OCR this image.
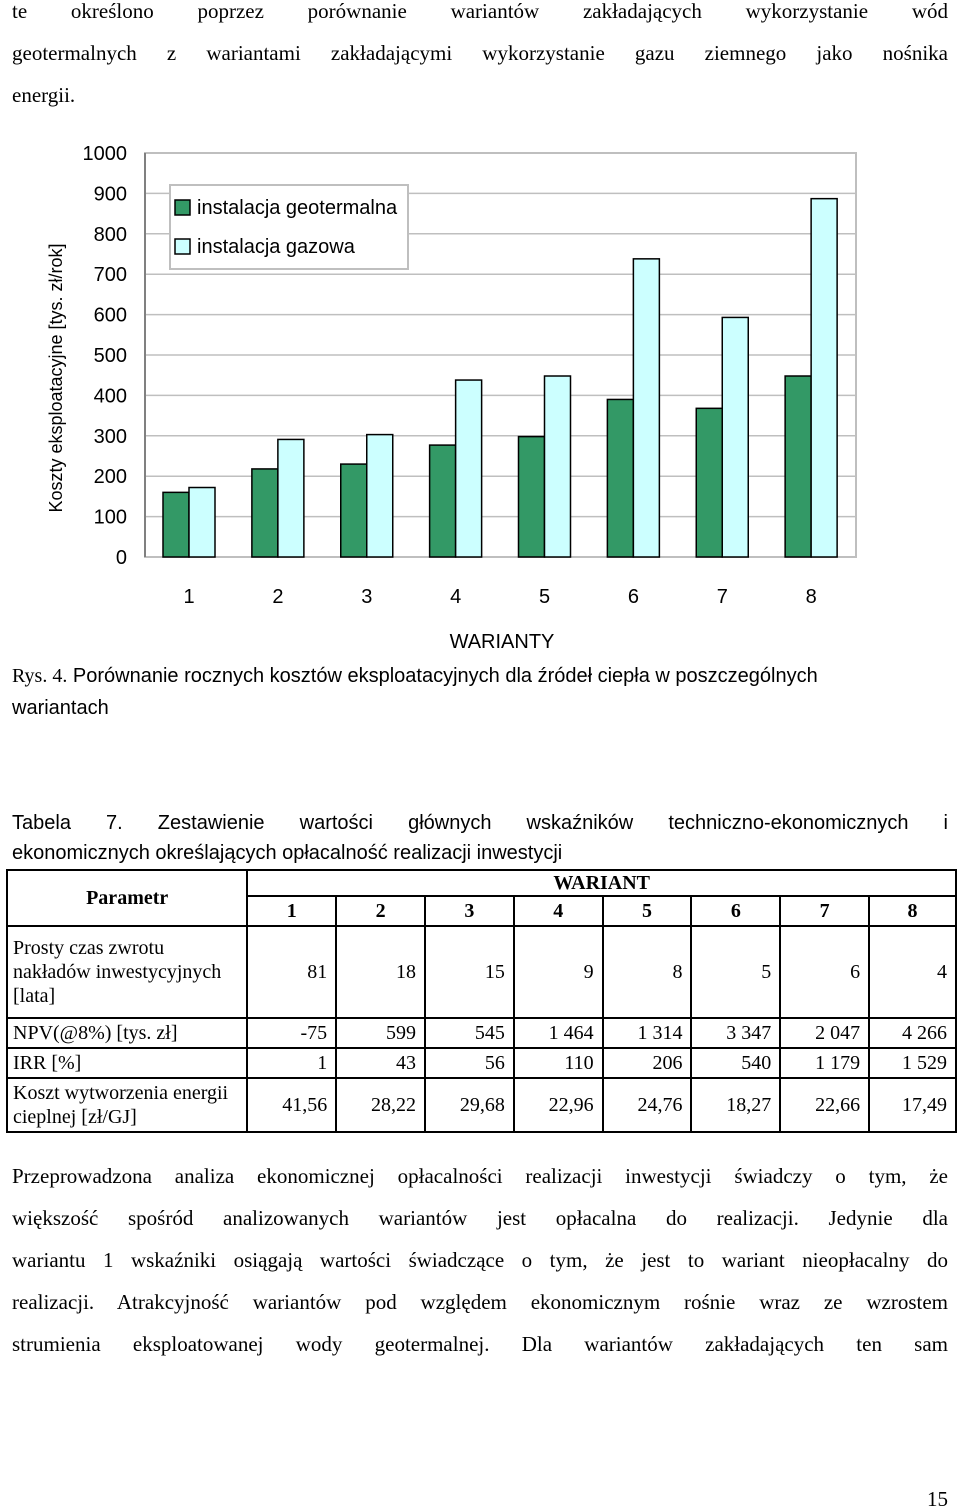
te określono poprzez porównanie wariantów zakładających wykorzystanie wód
geotermalnych z wariantami zakładającymi wykorzystanie gazu ziemnego jako nośnika
energii.
0
100
200
300
400
500
600
700
800
900
1000
1	2	3	4	5	6	7	8
Koszty eksploatacyjne [tys. zł/rok]
WARIANTY
instalacja geotermalna
instalacja gazowa
Rys. 4. Porównanie rocznych kosztów eksploatacyjnych dla źródeł ciepła w poszczególnych
wariantach
Tabela 7. Zestawienie wartości głównych wskaźników techniczno-ekonomicznych i
ekonomicznych określających opłacalność realizacji inwestycji
Parametr	WARIANT							
	1	2	3	4	5	6	7	8
Prosty czas zwrotu nakładów inwestycyjnych [lata]	81	18	15	9	8	5	6	4
NPV(@8%) [tys. zł]	-75	599	545	1 464	1 314	3 347	2 047	4 266
IRR [%]	1	43	56	110	206	540	1 179	1 529
Koszt wytworzenia energii cieplnej [zł/GJ]	41,56	28,22	29,68	22,96	24,76	18,27	22,66	17,49
Przeprowadzona analiza ekonomicznej opłacalności realizacji inwestycji świadczy o tym, że
większość spośród analizowanych wariantów jest opłacalna do realizacji. Jedynie dla
wariantu 1 wskaźniki osiągają wartości świadczące o tym, że jest to wariant nieopłacalny do
realizacji. Atrakcyjność wariantów pod względem ekonomicznym rośnie wraz ze wzrostem
strumienia eksploatowanej wody geotermalnej. Dla wariantów zakładających ten sam
15
